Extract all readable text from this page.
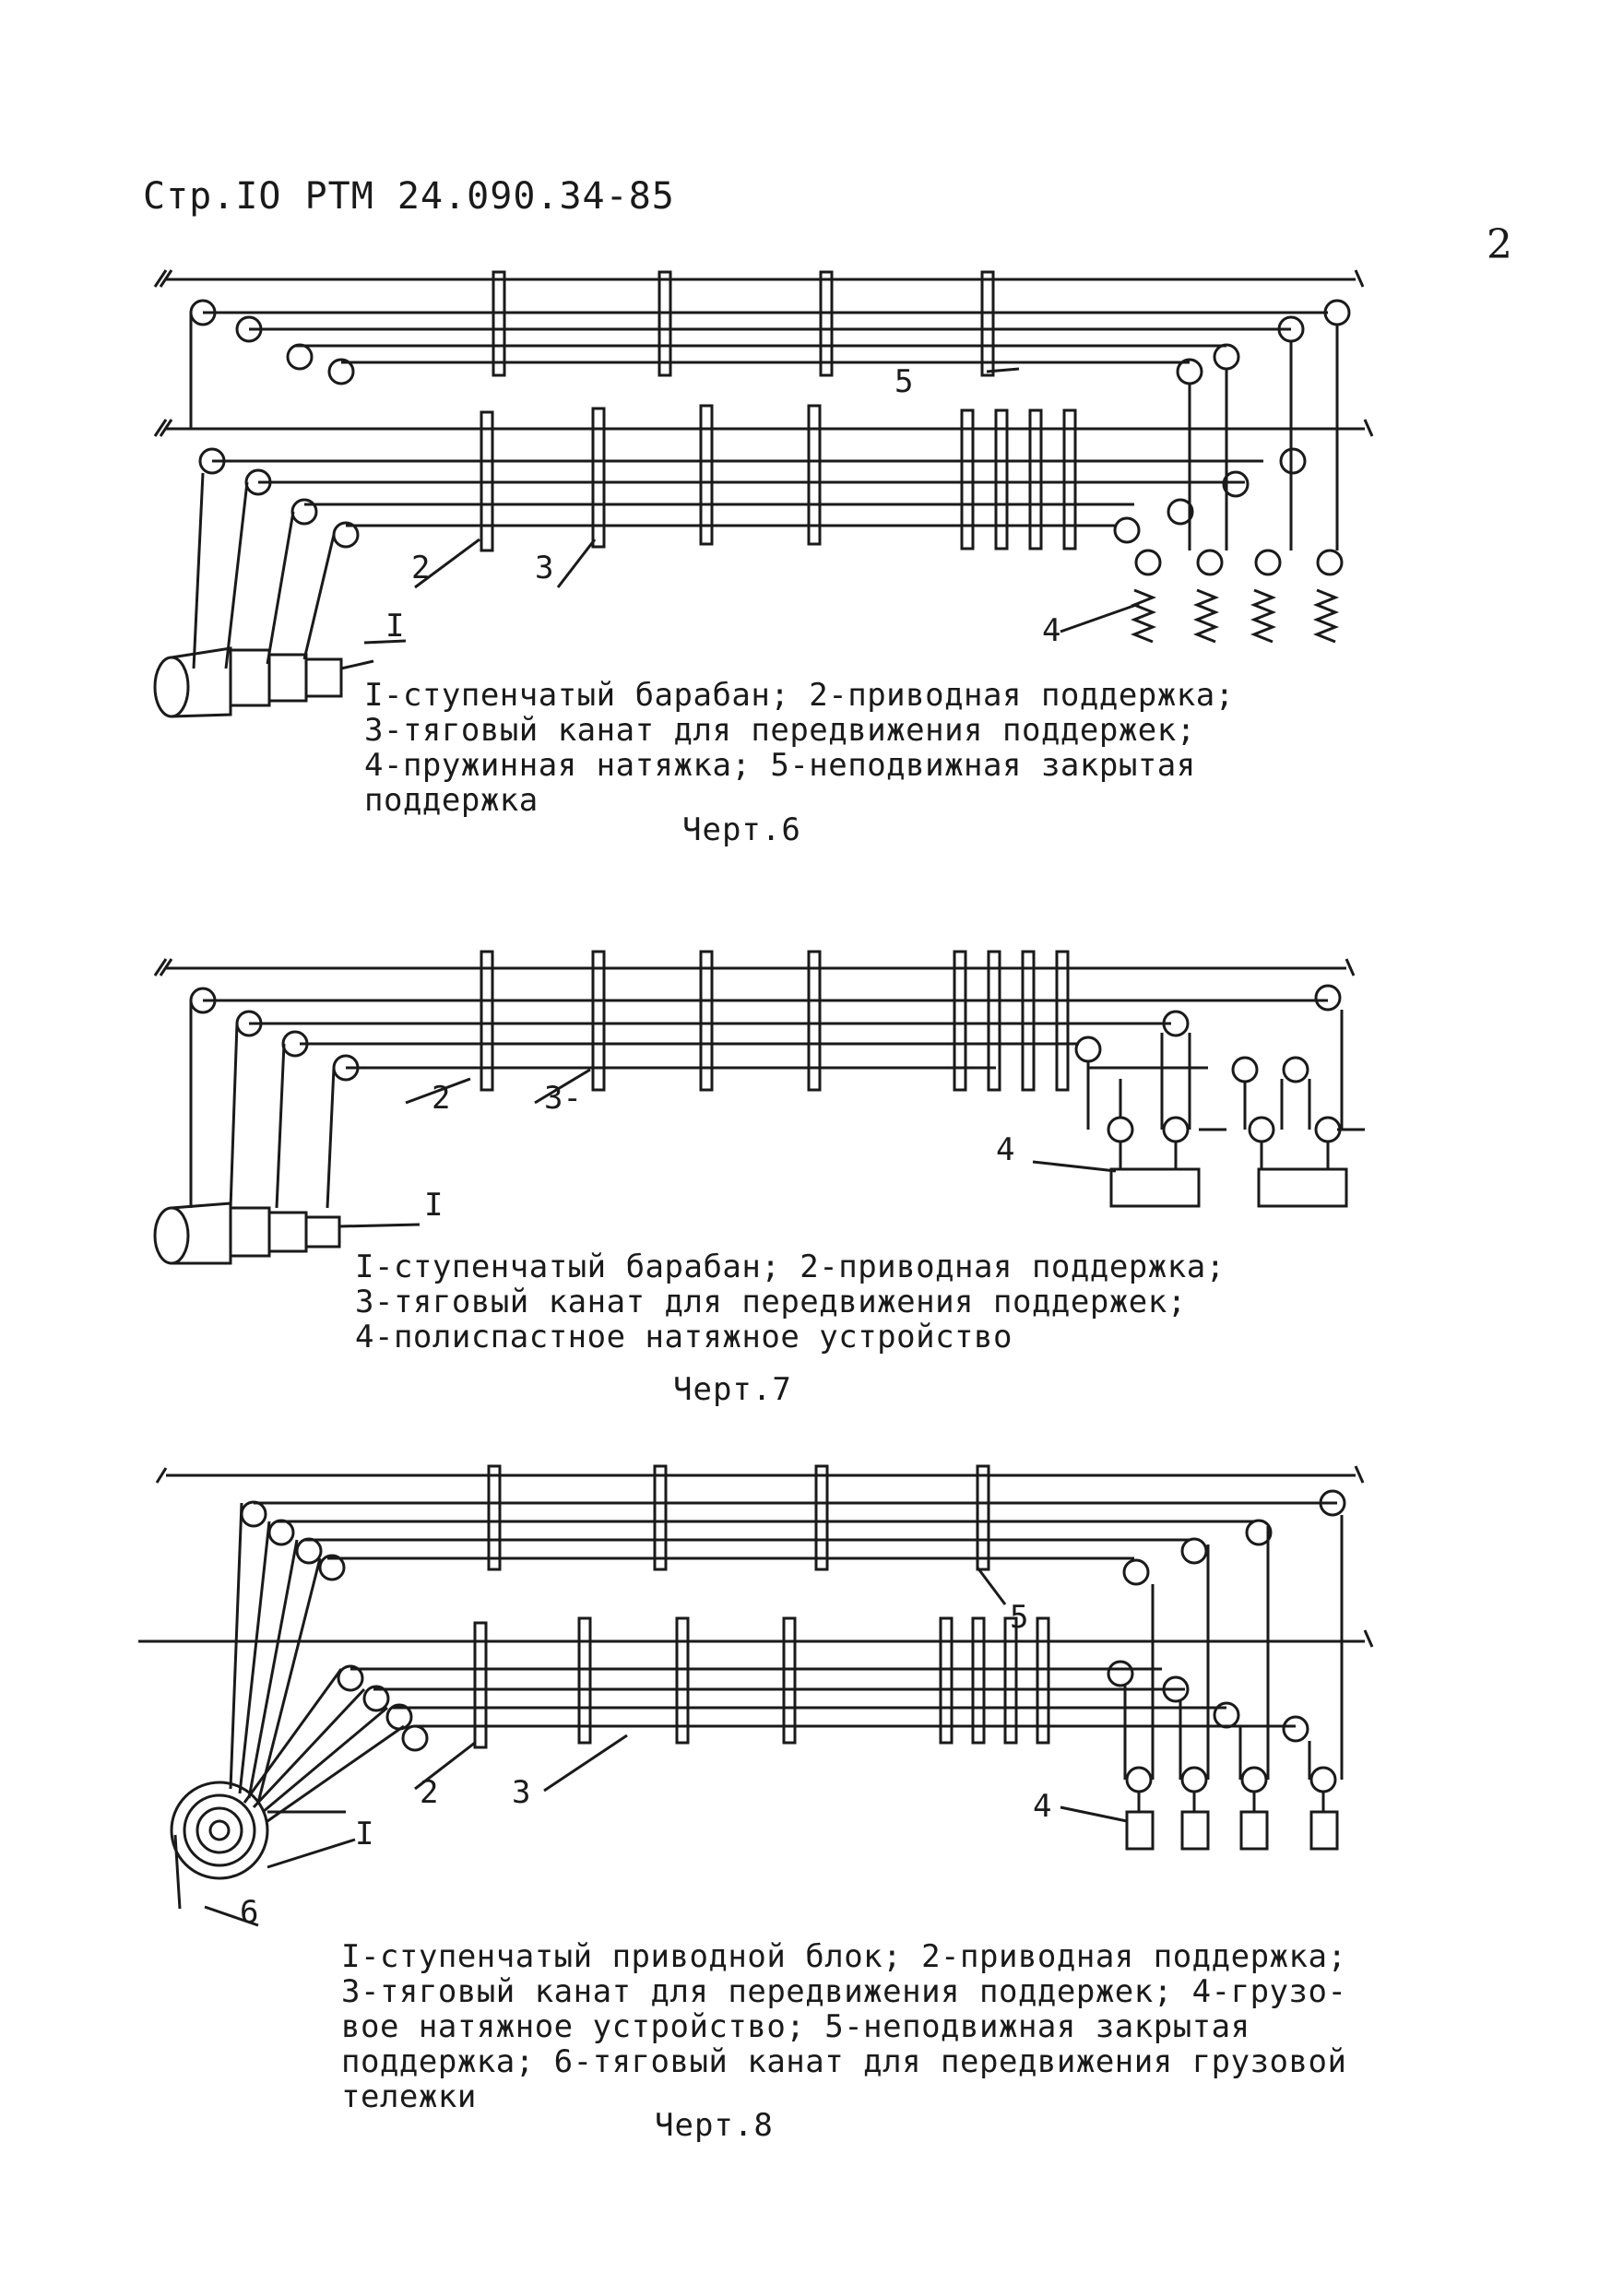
Стр.IO РТМ 24.090.34-85
2
2	3
5
4
I
I-ступенчатый барабан; 2-приводная поддержка;
3-тяговый канат для передвижения поддержек;
4-пружинная натяжка; 5-неподвижная закрытая
поддержка
Черт.6
I
2	3-
4
I-ступенчатый барабан; 2-приводная поддержка;
3-тяговый канат для передвижения поддержек;
4-полиспастное натяжное устройство
Черт.7
I
2 3
5
4
6
I-ступенчатый приводной блок; 2-приводная поддержка;
3-тяговый канат для передвижения поддержек; 4-грузо-
вое натяжное устройство; 5-неподвижная закрытая
поддержка; 6-тяговый канат для передвижения грузовой
тележки
Черт.8
